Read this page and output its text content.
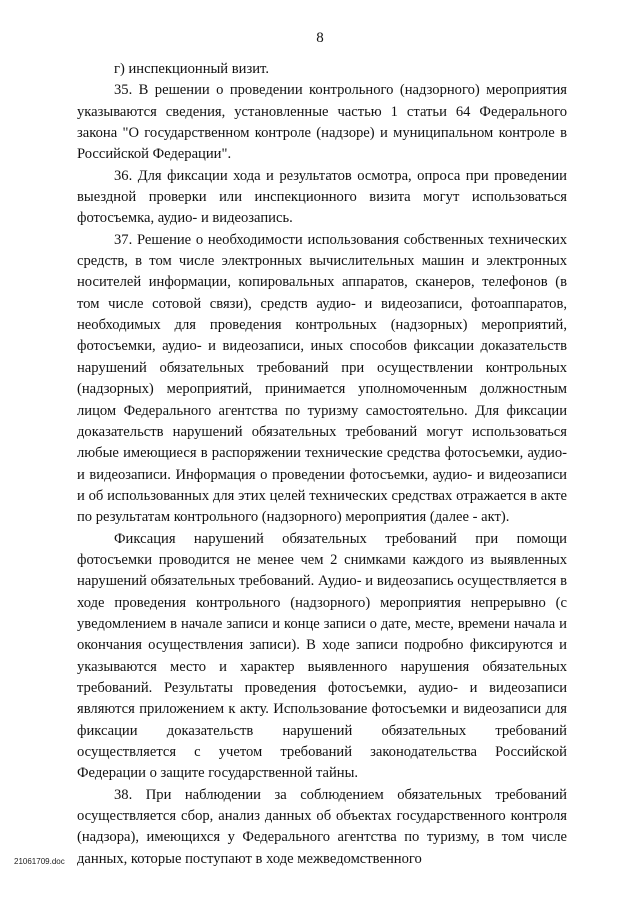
8

г) инспекционный визит.

35. В решении о проведении контрольного (надзорного) мероприятия указываются сведения, установленные частью 1 статьи 64 Федерального закона "О государственном контроле (надзоре) и муниципальном контроле в Российской Федерации".

36. Для фиксации хода и результатов осмотра, опроса при проведении выездной проверки или инспекционного визита могут использоваться фотосъемка, аудио- и видеозапись.

37. Решение о необходимости использования собственных технических средств, в том числе электронных вычислительных машин и электронных носителей информации, копировальных аппаратов, сканеров, телефонов (в том числе сотовой связи), средств аудио- и видеозаписи, фотоаппаратов, необходимых для проведения контрольных (надзорных) мероприятий, фотосъемки, аудио- и видеозаписи, иных способов фиксации доказательств нарушений обязательных требований при осуществлении контрольных (надзорных) мероприятий, принимается уполномоченным должностным лицом Федерального агентства по туризму самостоятельно. Для фиксации доказательств нарушений обязательных требований могут использоваться любые имеющиеся в распоряжении технические средства фотосъемки, аудио- и видеозаписи. Информация о проведении фотосъемки, аудио- и видеозаписи и об использованных для этих целей технических средствах отражается в акте по результатам контрольного (надзорного) мероприятия (далее - акт).

Фиксация нарушений обязательных требований при помощи фотосъемки проводится не менее чем 2 снимками каждого из выявленных нарушений обязательных требований. Аудио- и видеозапись осуществляется в ходе проведения контрольного (надзорного) мероприятия непрерывно (с уведомлением в начале записи и конце записи о дате, месте, времени начала и окончания осуществления записи). В ходе записи подробно фиксируются и указываются место и характер выявленного нарушения обязательных требований. Результаты проведения фотосъемки, аудио- и видеозаписи являются приложением к акту. Использование фотосъемки и видеозаписи для фиксации доказательств нарушений обязательных требований осуществляется с учетом требований законодательства Российской Федерации о защите государственной тайны.

38. При наблюдении за соблюдением обязательных требований осуществляется сбор, анализ данных об объектах государственного контроля (надзора), имеющихся у Федерального агентства по туризму, в том числе данных, которые поступают в ходе межведомственного

21061709.doc
